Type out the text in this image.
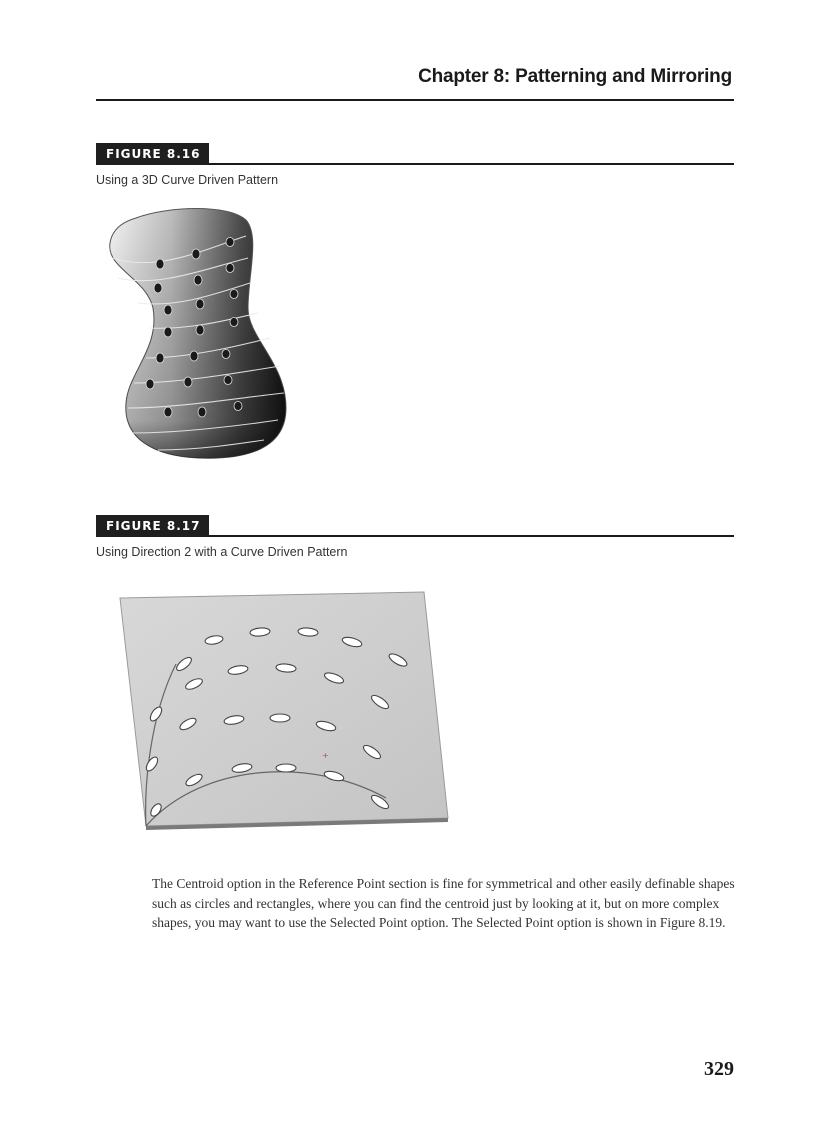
Chapter 8: Patterning and Mirroring
FIGURE 8.16
Using a 3D Curve Driven Pattern
FIGURE 8.17
Using Direction 2 with a Curve Driven Pattern
+
The Centroid option in the Reference Point section is fine for symmetrical and other easily definable shapes such as circles and rectangles, where you can find the centroid just by looking at it, but on more complex shapes, you may want to use the Selected Point option. The Selected Point option is shown in Figure 8.19.
329
